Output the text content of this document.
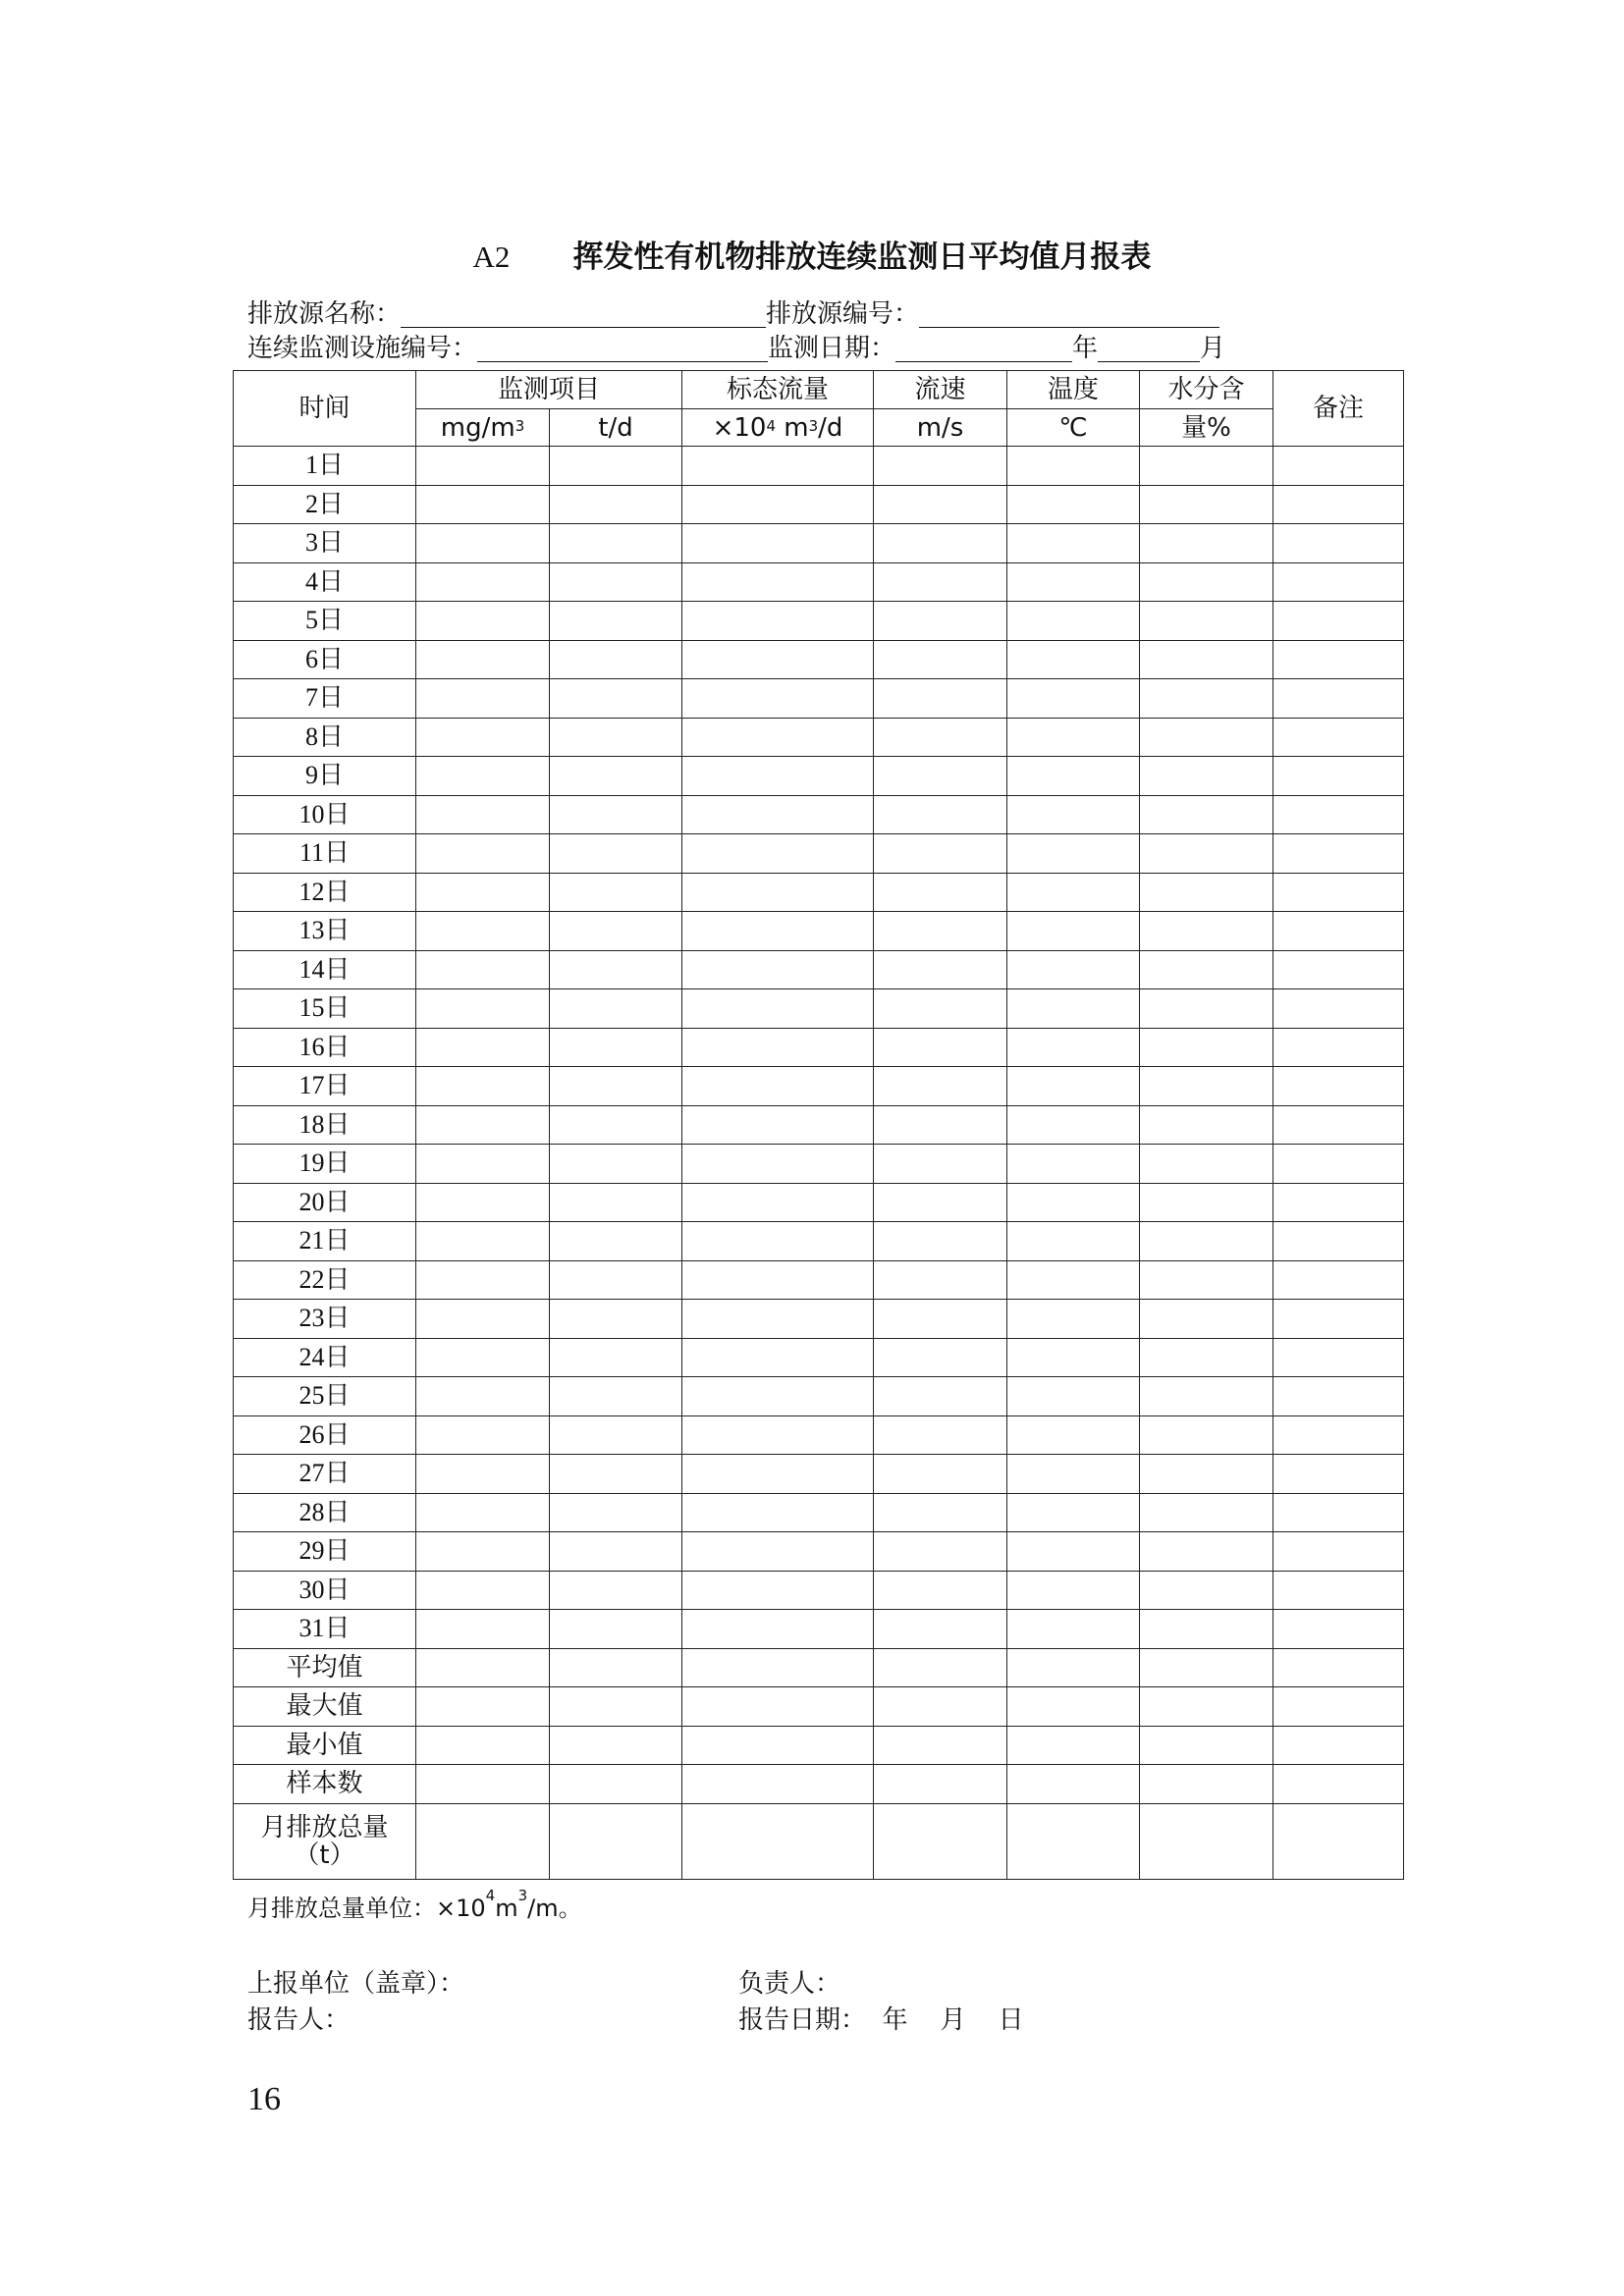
A2 挥发性有机物排放连续监测日平均值月报表
排放源名称：	排放源编号：
连续监测设施编号：	监测日期：	年	月
时间	监测项目		标态流量	流速	温度	水分含	备注
	$mg/m^3$	t/d	$\times 10^4$ $m^3/d$	m/s	℃	量%	
1日							
2日							
3日							
4日							
5日							
6日							
7日							
8日							
9日							
10日							
11日							
12日							
13日							
14日							
15日							
16日							
17日							
18日							
19日							
20日							
21日							
22日							
23日							
24日							
25日							
26日							
27日							
28日							
29日							
30日							
31日							
平均值							
最大值							
最小值							
样本数							

月排放总量
（t）							

月排放总量单位：$\times 10^4m^3/m$。
上报单位（盖章）：	负责人：
报告人：	报告日期：  年    月    日
16
